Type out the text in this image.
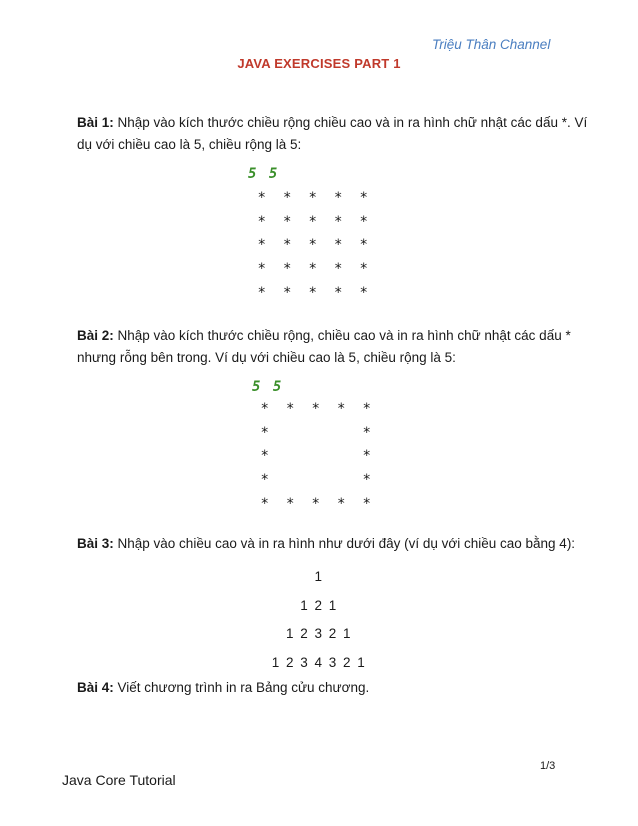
Triệu Thân Channel
JAVA EXERCISES PART 1
Bài 1: Nhập vào kích thước chiều rộng chiều cao và in ra hình chữ nhật các dấu *. Ví dụ với chiều cao là 5, chiều rộng là 5:
5 5
*	*	*	*	*
*	*	*	*	*
*	*	*	*	*
*	*	*	*	*
*	*	*	*	*
Bài 2: Nhập vào kích thước chiều rộng, chiều cao và in ra hình chữ nhật các dấu * nhưng rỗng bên trong. Ví dụ với chiều cao là 5, chiều rộng là 5:
5 5
*	*	*	*	*
*	*
*	*
*	*
*	*	*	*	*
Bài 3: Nhập vào chiều cao và in ra hình như dưới đây (ví dụ với chiều cao bằng 4):
1
1 2 1
1 2 3 2 1
1 2 3 4 3 2 1
Bài 4: Viết chương trình in ra Bảng cửu chương.
1/3
Java Core Tutorial
